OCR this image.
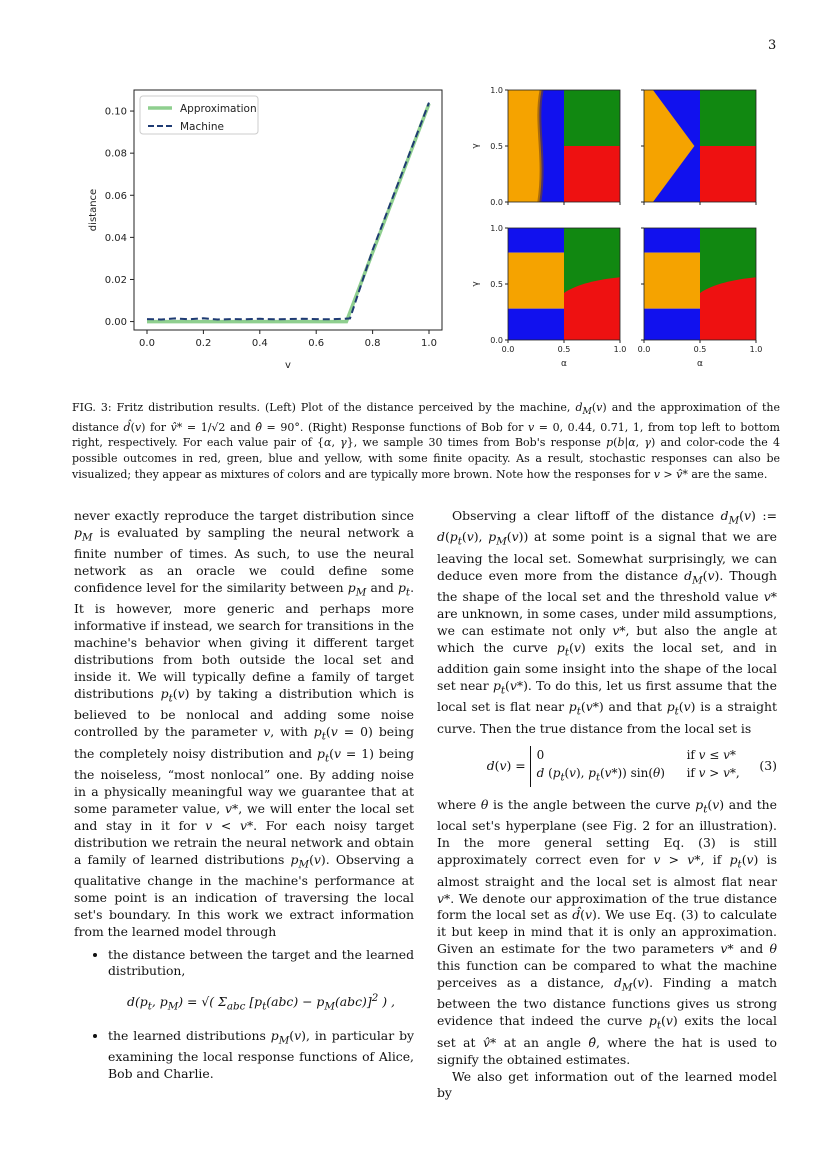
3
0.0	0.2	0.4	0.6	0.8	1.0
0.00
0.02
0.04
0.06
0.08
0.10
v
distance
Approximation
Machine
0.0
0.5
1.0
γ
0.0
0.5
1.0
0.0	0.5	1.0
γ
α
0.0	0.5	1.0
α
FIG. 3: Fritz distribution results. (Left) Plot of the distance perceived by the machine, $d_M(v)$ and the approximation of the distance d̂(v) for v̂* = 1/√2 and θ̂ = 90°. (Right) Response functions of Bob for v = 0, 0.44, 0.71, 1, from top left to bottom right, respectively. For each value pair of {α, γ}, we sample 30 times from Bob's response p(b|α, γ) and color-code the 4 possible outcomes in red, green, blue and yellow, with some finite opacity. As a result, stochastic responses can also be visualized; they appear as mixtures of colors and are typically more brown. Note how the responses for v > v̂* are the same.

never exactly reproduce the target distribution since $p_M$ is evaluated by sampling the neural network a finite number of times. As such, to use the neural network as an oracle we could define some confidence level for the similarity between $p_M$ and $p_t$. It is however, more generic and perhaps more informative if instead, we search for transitions in the machine's behavior when giving it different target distributions from both outside the local set and inside it. We will typically define a family of target distributions $p_t(v)$ by taking a distribution which is believed to be nonlocal and adding some noise controlled by the parameter v, with $p_t(v = 0)$ being the completely noisy distribution and $p_t(v = 1)$ being the noiseless, “most nonlocal” one. By adding noise in a physically meaningful way we guarantee that at some parameter value, v*, we will enter the local set and stay in it for v < v*. For each noisy target distribution we retrain the neural network and obtain a family of learned distributions $p_M(v)$. Observing a qualitative change in the machine's performance at some point is an indication of traversing the local set's boundary. In this work we extract information from the learned model through

• the distance between the target and the learned distribution,
$d(p_t$, $p_M$) = √( $\Sigma_{abc}$ $[p_t(abc) - p_M(abc)]^2$ ) ,
• the learned distributions $p_M(v)$, in particular by examining the local response functions of Alice, Bob and Charlie.

Observing a clear liftoff of the distance $d_M(v)$ := $d(p_t(v)$, $p_M(v)$) at some point is a signal that we are leaving the local set. Somewhat surprisingly, we can deduce even more from the distance $d_M(v)$. Though the shape of the local set and the threshold value v* are unknown, in some cases, under mild assumptions, we can estimate not only v*, but also the angle at which the curve $p_t(v)$ exits the local set, and in addition gain some insight into the shape of the local set near $p_t(v*)$. To do this, let us first assume that the local set is flat near $p_t(v*)$ and that $p_t(v)$ is a straight curve. Then the true distance from the local set is

d(v) = 0	if v ≤ v*
d ($p_t(v)$, $p_t(v*)$) sin(θ) if v > v*, (3)

where θ is the angle between the curve $p_t(v)$ and the local set's hyperplane (see Fig. 2 for an illustration). In the more general setting Eq. (3) is still approximately correct even for v > v*, if $p_t(v)$ is almost straight and the local set is almost flat near v*. We denote our approximation of the true distance form the local set as d̂(v). We use Eq. (3) to calculate it but keep in mind that it is only an approximation. Given an estimate for the two parameters v* and θ this function can be compared to what the machine perceives as a distance, $d_M(v)$. Finding a match between the two distance functions gives us strong evidence that indeed the curve $p_t(v)$ exits the local set at v̂* at an angle θ̂, where the hat is used to signify the obtained estimates.

We also get information out of the learned model by
